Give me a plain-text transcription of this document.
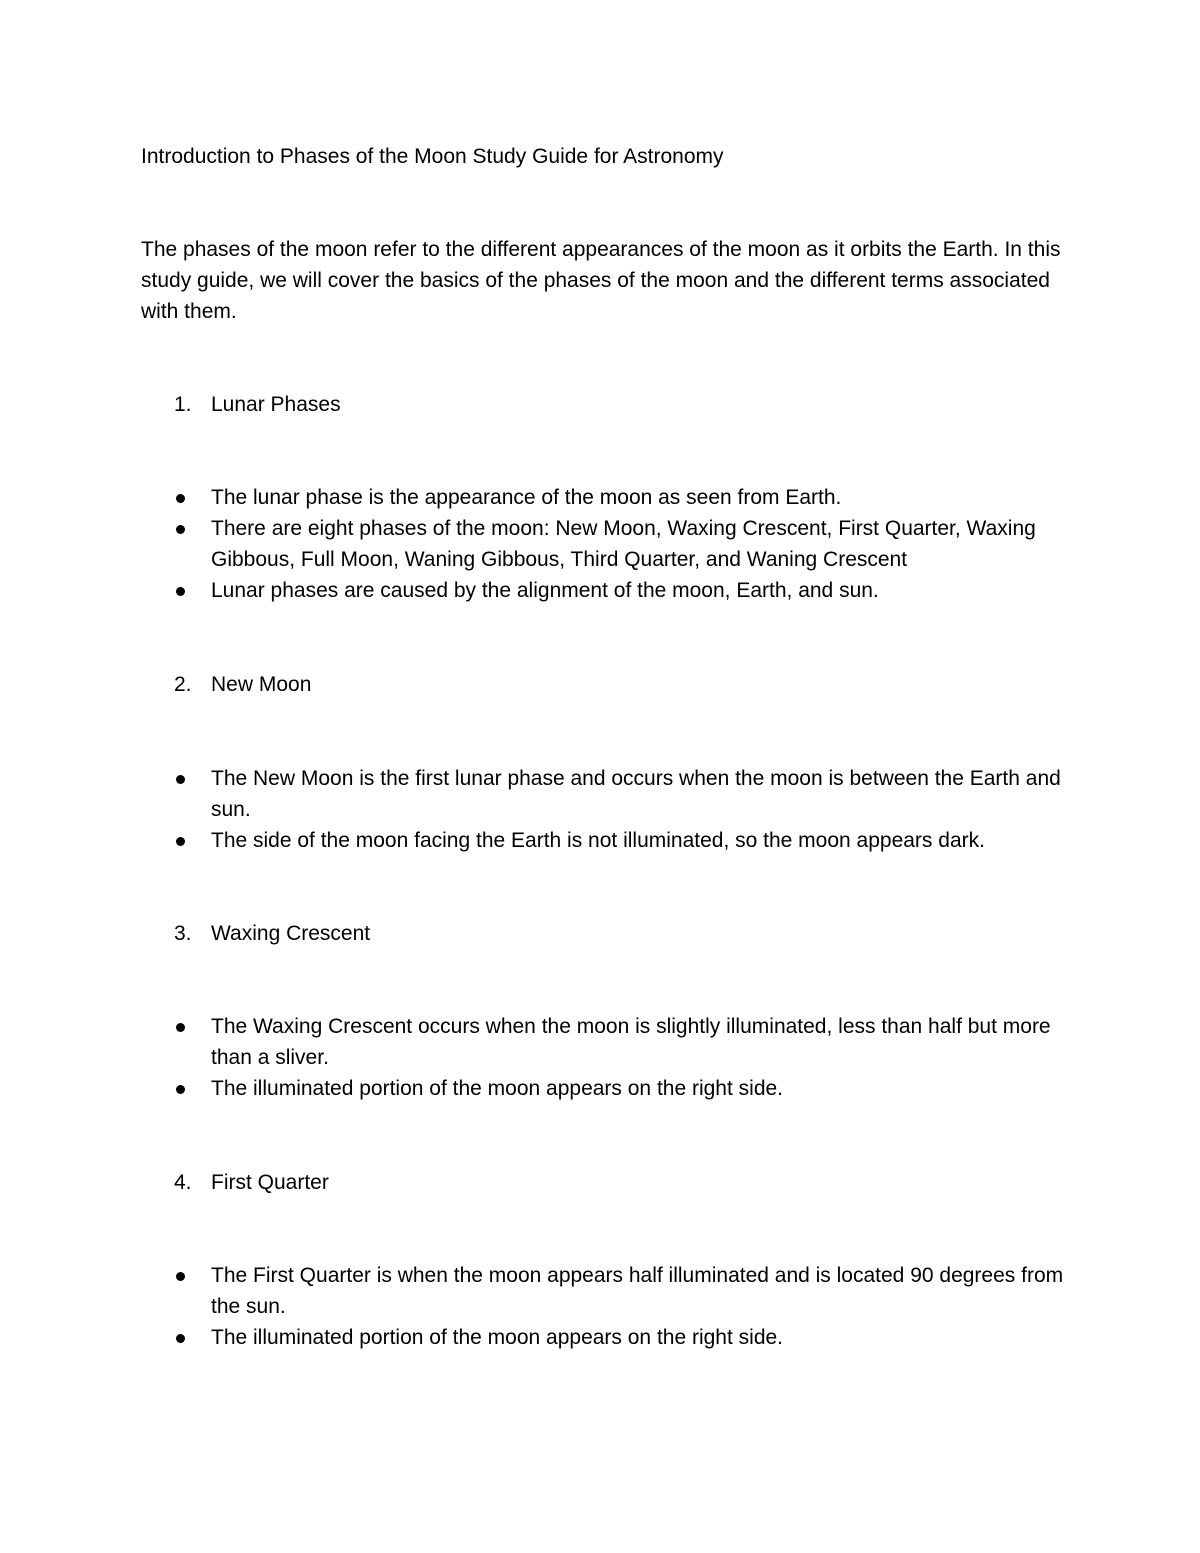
Introduction to Phases of the Moon Study Guide for Astronomy
The phases of the moon refer to the different appearances of the moon as it orbits the Earth. In this study guide, we will cover the basics of the phases of the moon and the different terms associated with them.
1. Lunar Phases
The lunar phase is the appearance of the moon as seen from Earth.
There are eight phases of the moon: New Moon, Waxing Crescent, First Quarter, Waxing Gibbous, Full Moon, Waning Gibbous, Third Quarter, and Waning Crescent
Lunar phases are caused by the alignment of the moon, Earth, and sun.
2. New Moon
The New Moon is the first lunar phase and occurs when the moon is between the Earth and sun.
The side of the moon facing the Earth is not illuminated, so the moon appears dark.
3. Waxing Crescent
The Waxing Crescent occurs when the moon is slightly illuminated, less than half but more than a sliver.
The illuminated portion of the moon appears on the right side.
4. First Quarter
The First Quarter is when the moon appears half illuminated and is located 90 degrees from the sun.
The illuminated portion of the moon appears on the right side.
